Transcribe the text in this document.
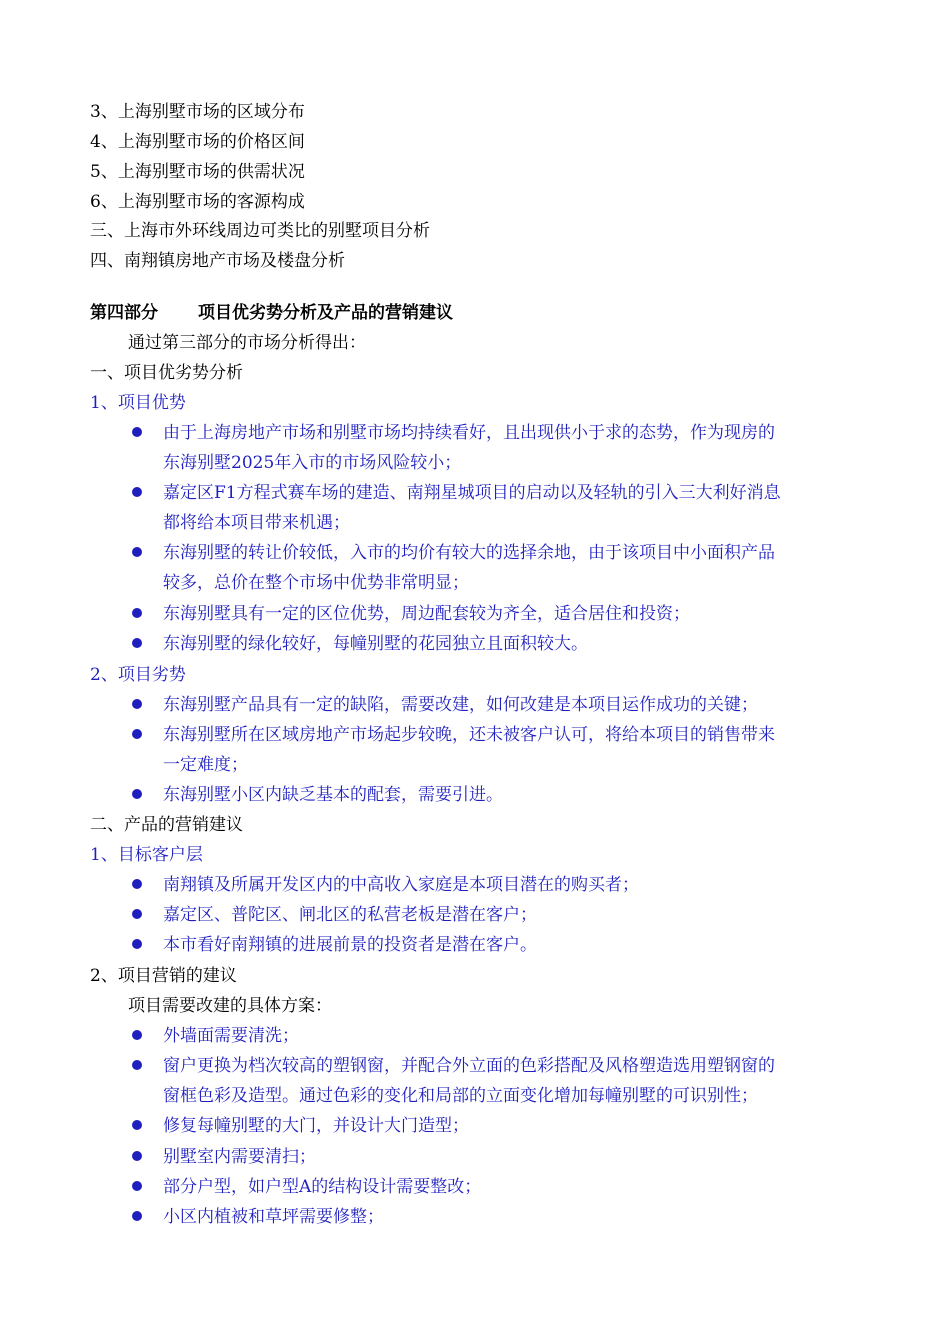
3、上海别墅市场的区域分布
4、上海别墅市场的价格区间
5、上海别墅市场的供需状况
6、上海别墅市场的客源构成
三、上海市外环线周边可类比的别墅项目分析
四、南翔镇房地产市场及楼盘分析
第四部分 项目优劣势分析及产品的营销建议
通过第三部分的市场分析得出：
一、项目优劣势分析
1、项目优势
由于上海房地产市场和别墅市场均持续看好，且出现供小于求的态势，作为现房的
东海别墅2025年入市的市场风险较小；
嘉定区F1方程式赛车场的建造、南翔星城项目的启动以及轻轨的引入三大利好消息
都将给本项目带来机遇；
东海别墅的转让价较低，入市的均价有较大的选择余地，由于该项目中小面积产品
较多，总价在整个市场中优势非常明显；
东海别墅具有一定的区位优势，周边配套较为齐全，适合居住和投资；
东海别墅的绿化较好，每幢别墅的花园独立且面积较大。
2、项目劣势
东海别墅产品具有一定的缺陷，需要改建，如何改建是本项目运作成功的关键；
东海别墅所在区域房地产市场起步较晚，还未被客户认可，将给本项目的销售带来
一定难度；
东海别墅小区内缺乏基本的配套，需要引进。
二、产品的营销建议
1、目标客户层
南翔镇及所属开发区内的中高收入家庭是本项目潜在的购买者；
嘉定区、普陀区、闸北区的私营老板是潜在客户；
本市看好南翔镇的进展前景的投资者是潜在客户。
2、项目营销的建议
项目需要改建的具体方案：
外墙面需要清洗；
窗户更换为档次较高的塑钢窗，并配合外立面的色彩搭配及风格塑造选用塑钢窗的
窗框色彩及造型。通过色彩的变化和局部的立面变化增加每幢别墅的可识别性；
修复每幢别墅的大门，并设计大门造型；
别墅室内需要清扫；
部分户型，如户型A的结构设计需要整改；
小区内植被和草坪需要修整；
